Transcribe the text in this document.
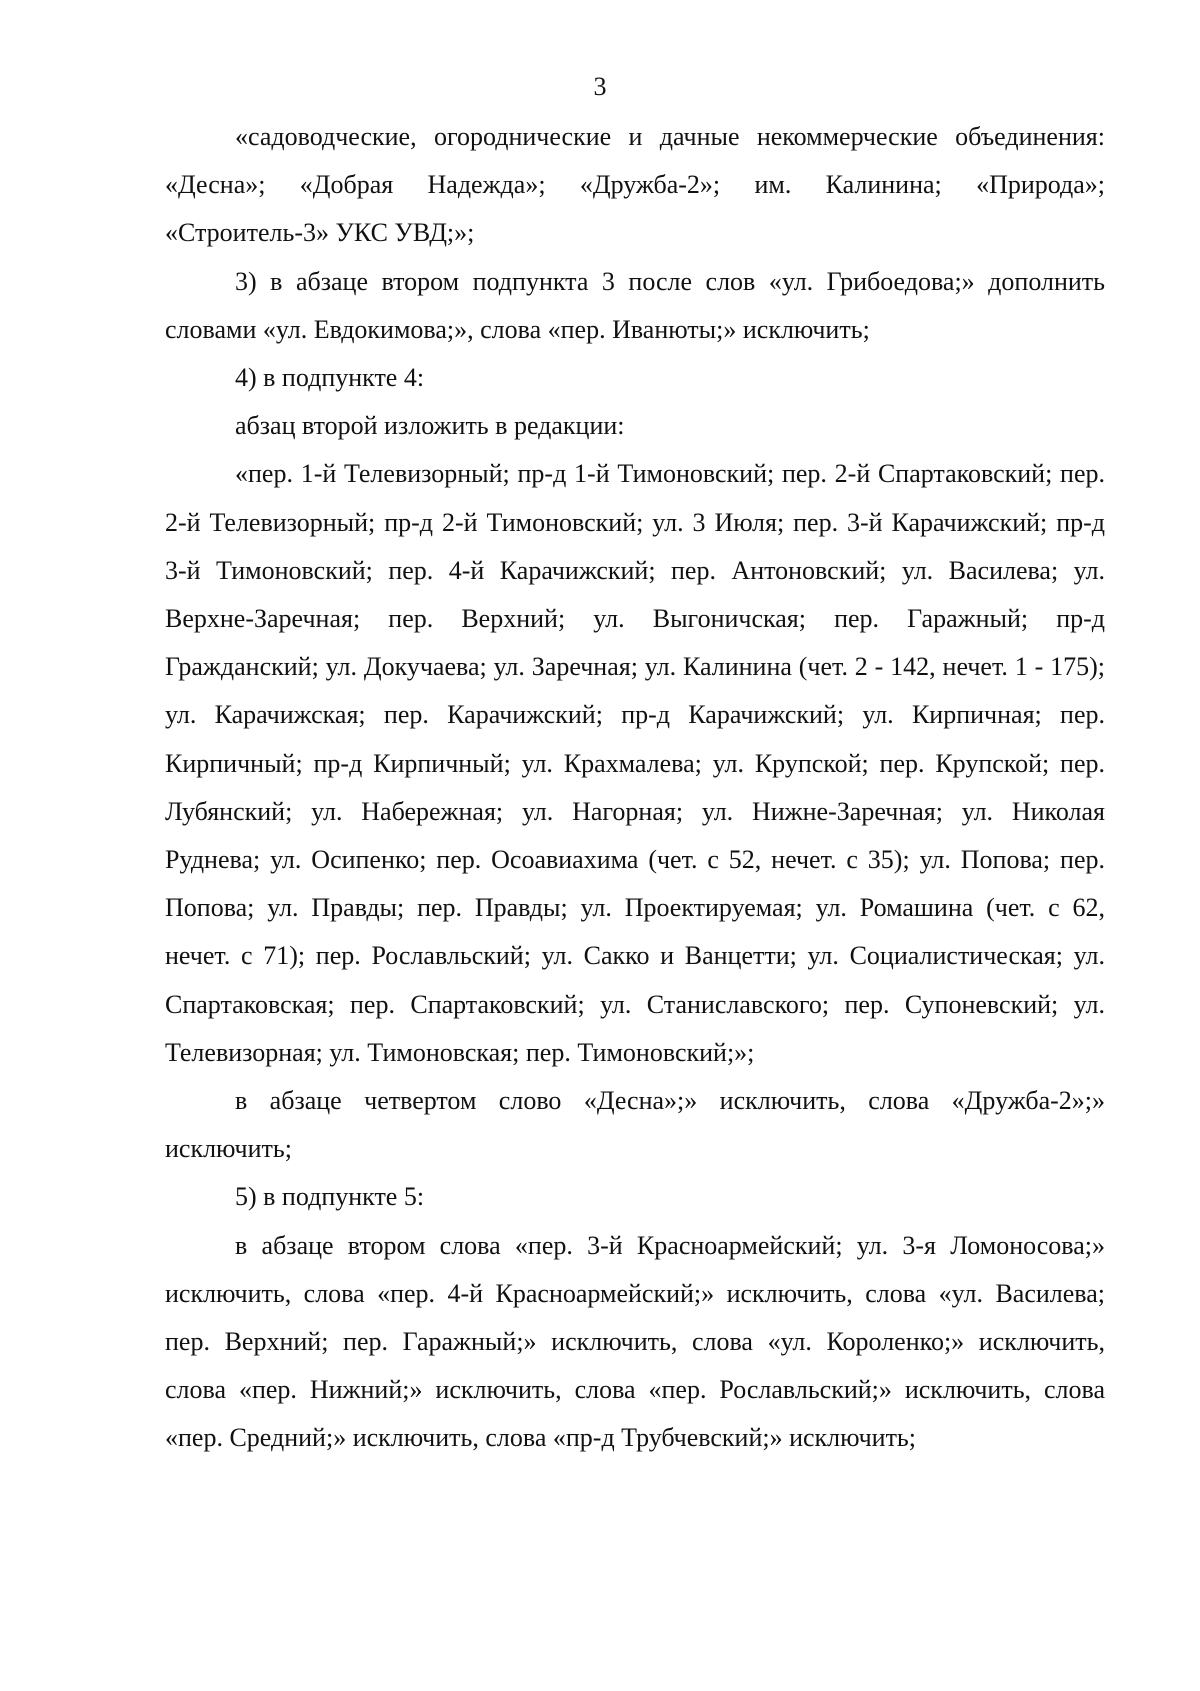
3

«садоводческие, огороднические и дачные некоммерческие объединения: «Десна»; «Добрая Надежда»; «Дружба-2»; им. Калинина; «Природа»; «Строитель-3» УКС УВД;»;

3) в абзаце втором подпункта 3 после слов «ул. Грибоедова;» дополнить словами «ул. Евдокимова;», слова «пер. Иванюты;» исключить;

4) в подпункте 4:

абзац второй изложить в редакции:

«пер. 1-й Телевизорный; пр-д 1-й Тимоновский; пер. 2-й Спартаковский; пер. 2-й Телевизорный; пр-д 2-й Тимоновский; ул. 3 Июля; пер. 3-й Карачижский; пр-д 3-й Тимоновский; пер. 4-й Карачижский; пер. Антоновский; ул. Василева; ул. Верхне-Заречная; пер. Верхний; ул. Выгоничская; пер. Гаражный; пр-д Гражданский; ул. Докучаева; ул. Заречная; ул. Калинина (чет. 2 - 142, нечет. 1 - 175); ул. Карачижская; пер. Карачижский; пр-д Карачижский; ул. Кирпичная; пер. Кирпичный; пр-д Кирпичный; ул. Крахмалева; ул. Крупской; пер. Крупской; пер. Лубянский; ул. Набережная; ул. Нагорная; ул. Нижне-Заречная; ул. Николая Руднева; ул. Осипенко; пер. Осоавиахима (чет. с 52, нечет. с 35); ул. Попова; пер. Попова; ул. Правды; пер. Правды; ул. Проектируемая; ул. Ромашина (чет. с 62, нечет. с 71); пер. Рославльский; ул. Сакко и Ванцетти; ул. Социалистическая; ул. Спартаковская; пер. Спартаковский; ул. Станиславского; пер. Супоневский; ул. Телевизорная; ул. Тимоновская; пер. Тимоновский;»;

в абзаце четвертом слово «Десна»;» исключить, слова «Дружба-2»;» исключить;

5) в подпункте 5:

в абзаце втором слова «пер. 3-й Красноармейский; ул. 3-я Ломоносова;» исключить, слова «пер. 4-й Красноармейский;» исключить, слова «ул. Василева; пер. Верхний; пер. Гаражный;» исключить, слова «ул. Короленко;» исключить, слова «пер. Нижний;» исключить, слова «пер. Рославльский;» исключить, слова «пер. Средний;» исключить, слова «пр-д Трубчевский;» исключить;
